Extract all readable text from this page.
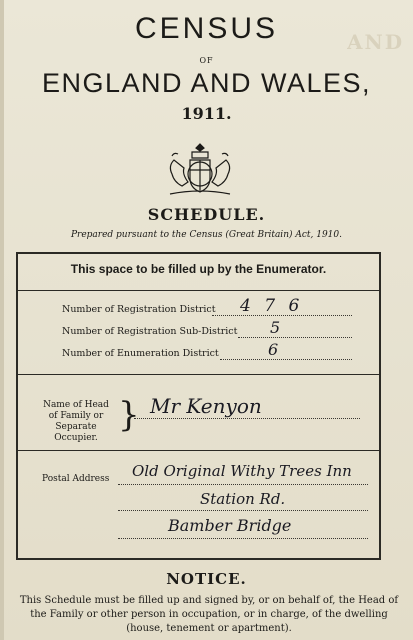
AND
CENSUS
OF
ENGLAND AND WALES,
1911.
SCHEDULE.
Prepared pursuant to the Census (Great Britain) Act, 1910.
This space to be filled up by the Enumerator.
Number of Registration District 4 7 6
Number of Registration Sub-District 5
Number of Enumeration District	6
Name of Head
of Family or
Separate Occupier.
} Mr Kenyon
Postal Address Old Original Withy Trees Inn
Station Rd.
Bamber Bridge
NOTICE.
This Schedule must be filled up and signed by, or on behalf of, the Head of the Family or other person in occupation, or in charge, of the dwelling (house, tenement or apartment).
